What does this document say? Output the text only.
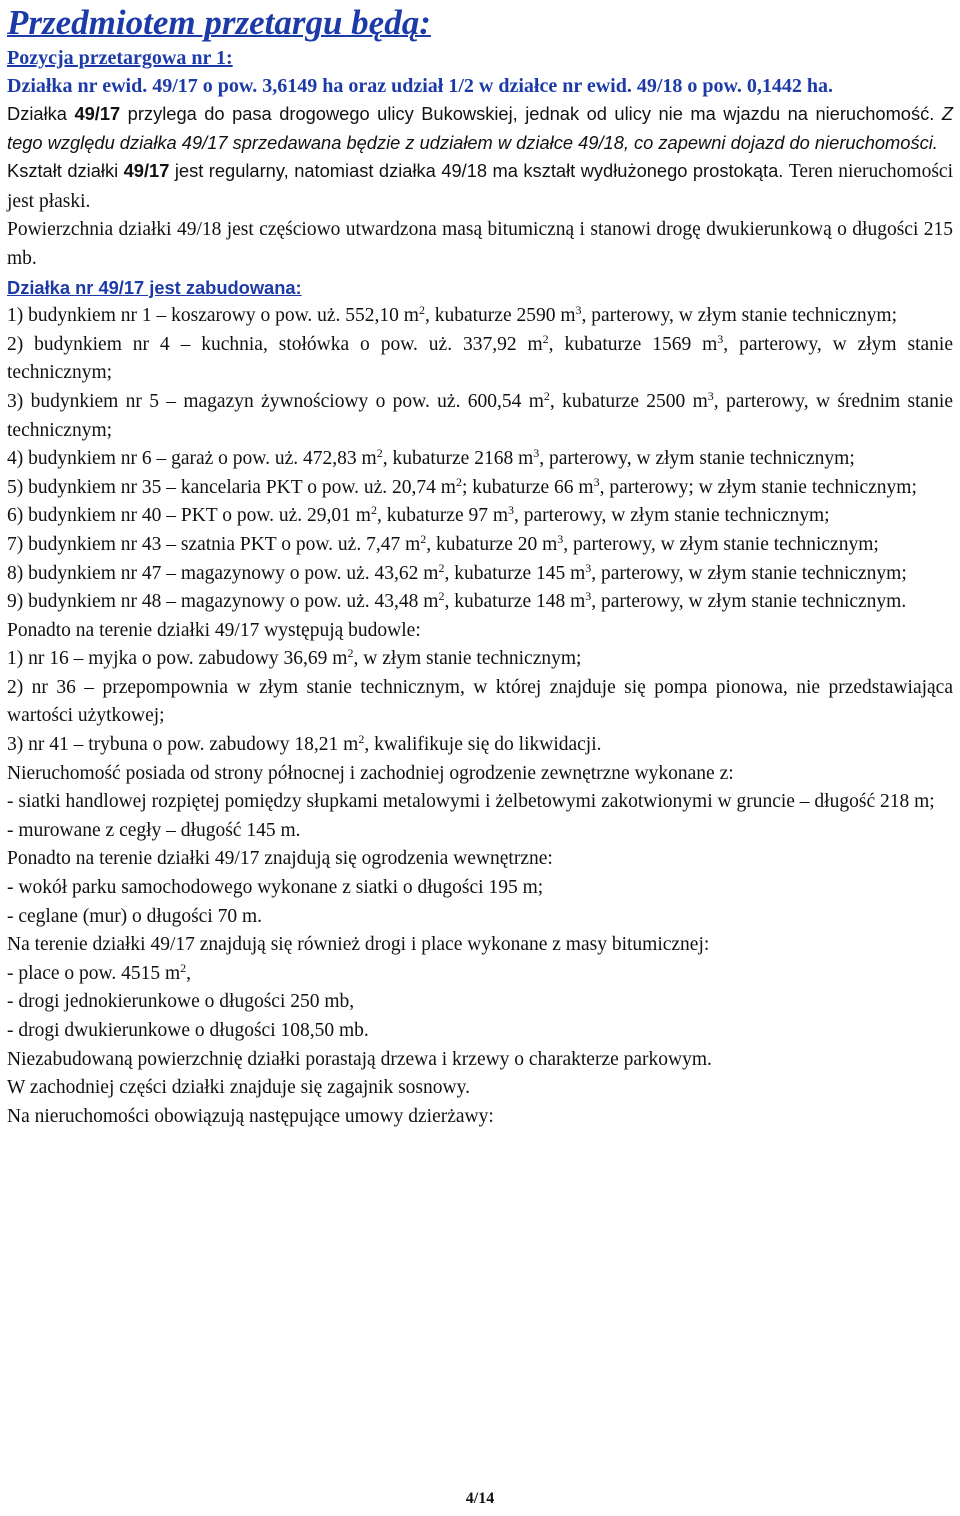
Przedmiotem przetargu będą:
Pozycja przetargowa nr 1:
Działka nr ewid. 49/17 o pow. 3,6149 ha oraz udział 1/2 w działce nr ewid. 49/18 o pow. 0,1442 ha.

Działka 49/17 przylega do pasa drogowego ulicy Bukowskiej, jednak od ulicy nie ma wjazdu na nieruchomość. Z tego względu działka 49/17 sprzedawana będzie z udziałem w działce 49/18, co zapewni dojazd do nieruchomości.

Kształt działki 49/17 jest regularny, natomiast działka 49/18 ma kształt wydłużonego prostokąta. Teren nieruchomości jest płaski.

Powierzchnia działki 49/18 jest częściowo utwardzona masą bitumiczną i stanowi drogę dwukierunkową o długości 215 mb.

Działka nr 49/17 jest zabudowana:

1) budynkiem nr 1 – koszarowy o pow. uż. 552,10 $m^2$, kubaturze 2590 $m^3$, parterowy, w złym stanie technicznym;

2) budynkiem nr 4 – kuchnia, stołówka o pow. uż. 337,92 $m^2$, kubaturze 1569 $m^3$, parterowy, w złym stanie technicznym;

3) budynkiem nr 5 – magazyn żywnościowy o pow. uż. 600,54 $m^2$, kubaturze 2500 $m^3$, parterowy, w średnim stanie technicznym;

4) budynkiem nr 6 – garaż o pow. uż. 472,83 $m^2$, kubaturze 2168 $m^3$, parterowy, w złym stanie technicznym;

5) budynkiem nr 35 – kancelaria PKT o pow. uż. 20,74 $m^2$; kubaturze 66 $m^3$, parterowy; w złym stanie technicznym;

6) budynkiem nr 40 – PKT o pow. uż. 29,01 $m^2$, kubaturze 97 $m^3$, parterowy, w złym stanie technicznym;

7) budynkiem nr 43 – szatnia PKT o pow. uż. 7,47 $m^2$, kubaturze 20 $m^3$, parterowy, w złym stanie technicznym;

8) budynkiem nr 47 – magazynowy o pow. uż. 43,62 $m^2$, kubaturze 145 $m^3$, parterowy, w złym stanie technicznym;

9) budynkiem nr 48 – magazynowy o pow. uż. 43,48 $m^2$, kubaturze 148 $m^3$, parterowy, w złym stanie technicznym.

Ponadto na terenie działki 49/17 występują budowle:

1) nr 16 – myjka o pow. zabudowy 36,69 $m^2$, w złym stanie technicznym;

2) nr 36 – przepompownia w złym stanie technicznym, w której znajduje się pompa pionowa, nie przedstawiająca wartości użytkowej;

3) nr 41 – trybuna o pow. zabudowy 18,21 $m^2$, kwalifikuje się do likwidacji.

Nieruchomość posiada od strony północnej i zachodniej ogrodzenie zewnętrzne wykonane z:

- siatki handlowej rozpiętej pomiędzy słupkami metalowymi i żelbetowymi zakotwionymi w gruncie – długość 218 m;

- murowane z cegły – długość 145 m.

Ponadto na terenie działki 49/17 znajdują się ogrodzenia wewnętrzne:

- wokół parku samochodowego wykonane z siatki o długości 195 m;

- ceglane (mur) o długości 70 m.

Na terenie działki 49/17 znajdują się również drogi i place wykonane z masy bitumicznej:

- place o pow. 4515 $m^2$,

- drogi jednokierunkowe o długości 250 mb,

- drogi dwukierunkowe o długości 108,50 mb.

Niezabudowaną powierzchnię działki porastają drzewa i krzewy o charakterze parkowym.

W zachodniej części działki znajduje się zagajnik sosnowy.

Na nieruchomości obowiązują następujące umowy dzierżawy:

4/14
